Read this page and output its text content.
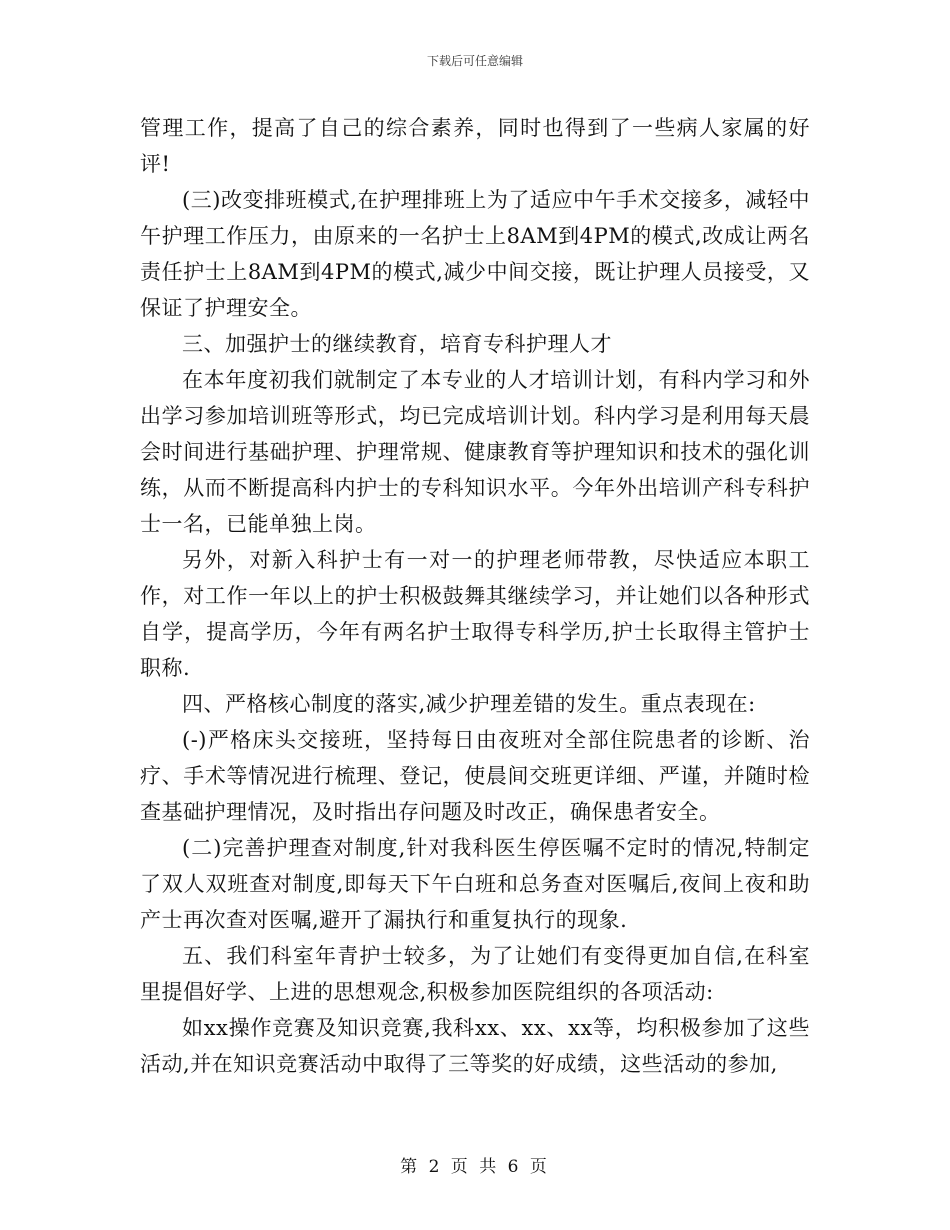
下载后可任意编辑

管理工作，提高了自己的综合素养，同时也得到了一些病人家属的好评!

(三)改变排班模式,在护理排班上为了适应中午手术交接多，减轻中午护理工作压力，由原来的一名护士上8AM到4PM的模式,改成让两名责任护士上8AM到4PM的模式,减少中间交接，既让护理人员接受，又保证了护理安全。

三、加强护士的继续教育，培育专科护理人才

在本年度初我们就制定了本专业的人才培训计划，有科内学习和外出学习参加培训班等形式，均已完成培训计划。科内学习是利用每天晨会时间进行基础护理、护理常规、健康教育等护理知识和技术的强化训练，从而不断提高科内护士的专科知识水平。今年外出培训产科专科护士一名，已能单独上岗。

另外，对新入科护士有一对一的护理老师带教，尽快适应本职工作，对工作一年以上的护士积极鼓舞其继续学习，并让她们以各种形式自学，提高学历，今年有两名护士取得专科学历,护士长取得主管护士职称.

四、严格核心制度的落实,减少护理差错的发生。重点表现在:

(-)严格床头交接班，坚持每日由夜班对全部住院患者的诊断、治疗、手术等情况进行梳理、登记，使晨间交班更详细、严谨，并随时检查基础护理情况，及时指出存问题及时改正，确保患者安全。

(二)完善护理查对制度,针对我科医生停医嘱不定时的情况,特制定了双人双班查对制度,即每天下午白班和总务查对医嘱后,夜间上夜和助产士再次查对医嘱,避开了漏执行和重复执行的现象.

五、我们科室年青护士较多，为了让她们有变得更加自信,在科室里提倡好学、上进的思想观念,积极参加医院组织的各项活动:

如xx操作竞赛及知识竞赛,我科xx、xx、xx等，均积极参加了这些活动,并在知识竞赛活动中取得了三等奖的好成绩，这些活动的参加,

第 2 页 共 6 页
